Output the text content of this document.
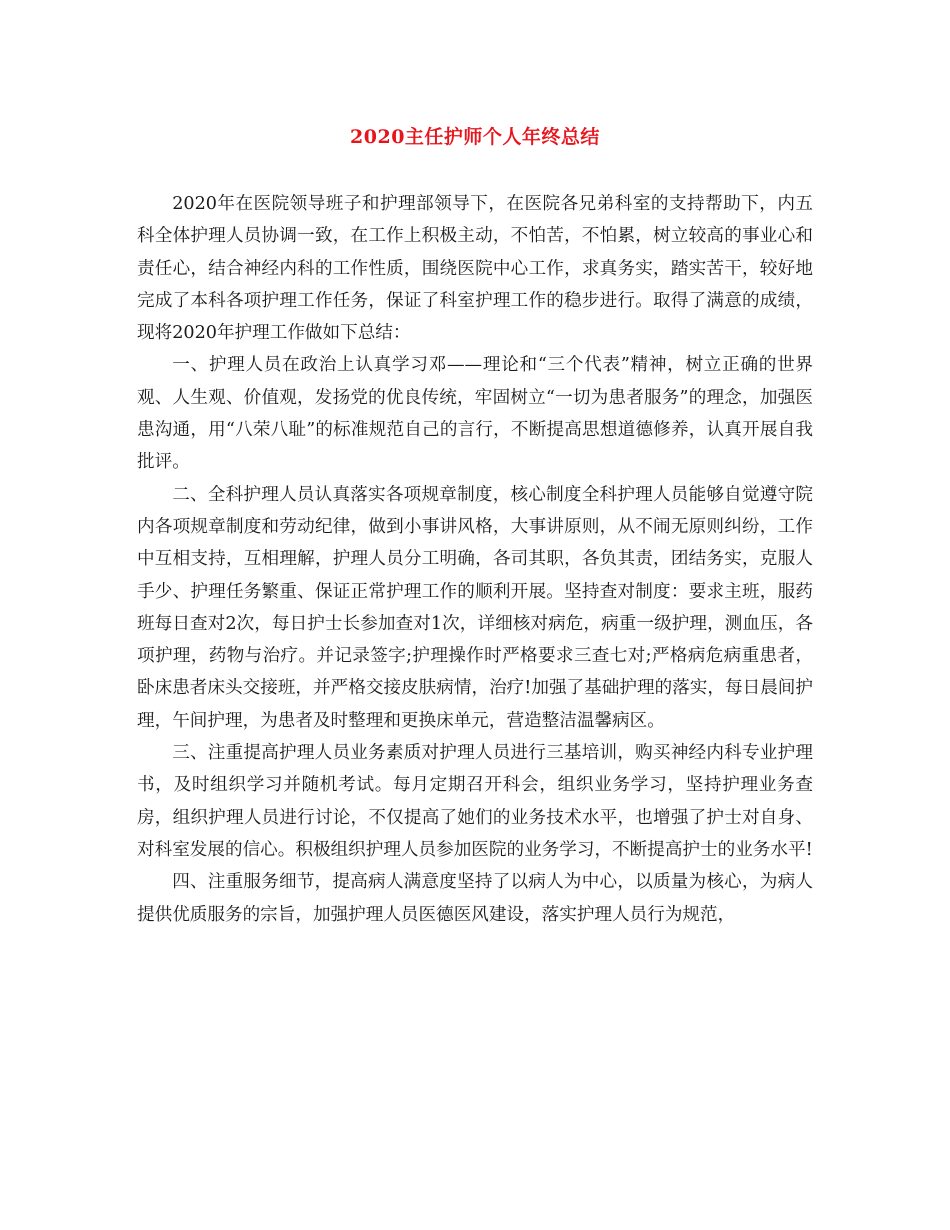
2020主任护师个人年终总结

2020年在医院领导班子和护理部领导下，在医院各兄弟科室的支持帮助下，内五科全体护理人员协调一致，在工作上积极主动，不怕苦，不怕累，树立较高的事业心和责任心，结合神经内科的工作性质，围绕医院中心工作，求真务实，踏实苦干，较好地完成了本科各项护理工作任务，保证了科室护理工作的稳步进行。取得了满意的成绩，现将2020年护理工作做如下总结：

一、护理人员在政治上认真学习邓——理论和“三个代表”精神，树立正确的世界观、人生观、价值观，发扬党的优良传统，牢固树立“一切为患者服务”的理念，加强医患沟通，用“八荣八耻”的标准规范自己的言行，不断提高思想道德修养，认真开展自我批评。

二、全科护理人员认真落实各项规章制度，核心制度全科护理人员能够自觉遵守院内各项规章制度和劳动纪律，做到小事讲风格，大事讲原则，从不闹无原则纠纷，工作中互相支持，互相理解，护理人员分工明确，各司其职，各负其责，团结务实，克服人手少、护理任务繁重、保证正常护理工作的顺利开展。坚持查对制度：要求主班，服药班每日查对2次，每日护士长参加查对1次，详细核对病危，病重一级护理，测血压，各项护理，药物与治疗。并记录签字;护理操作时严格要求三查七对;严格病危病重患者，卧床患者床头交接班，并严格交接皮肤病情，治疗!加强了基础护理的落实，每日晨间护理，午间护理，为患者及时整理和更换床单元，营造整洁温馨病区。

三、注重提高护理人员业务素质对护理人员进行三基培训，购买神经内科专业护理书，及时组织学习并随机考试。每月定期召开科会，组织业务学习，坚持护理业务查房，组织护理人员进行讨论，不仅提高了她们的业务技术水平，也增强了护士对自身、对科室发展的信心。积极组织护理人员参加医院的业务学习，不断提高护士的业务水平!

四、注重服务细节，提高病人满意度坚持了以病人为中心，以质量为核心，为病人提供优质服务的宗旨，加强护理人员医德医风建设，落实护理人员行为规范，
